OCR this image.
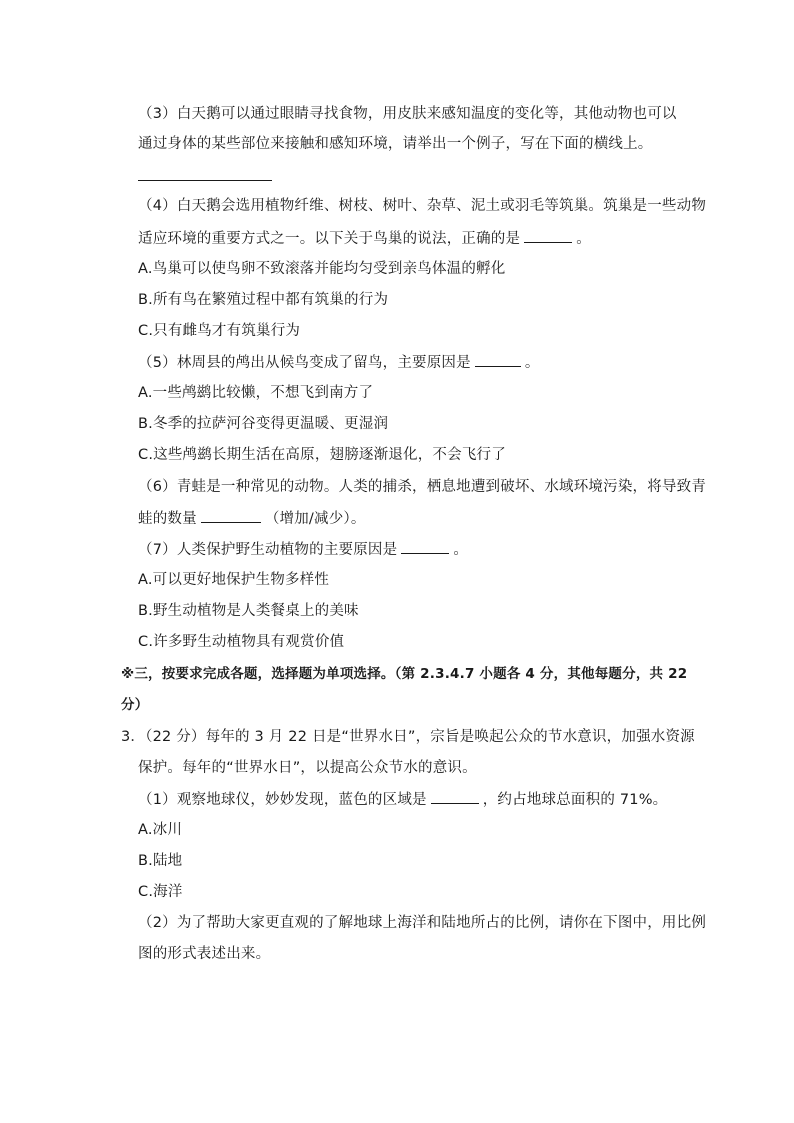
（3）白天鹅可以通过眼睛寻找食物，用皮肤来感知温度的变化等，其他动物也可以
通过身体的某些部位来接触和感知环境，请举出一个例子，写在下面的横线上。
（4）白天鹅会选用植物纤维、树枝、树叶、杂草、泥土或羽毛等筑巢。筑巢是一些动物
适应环境的重要方式之一。以下关于鸟巢的说法，正确的是	。
A.鸟巢可以使鸟卵不致滚落并能均匀受到亲鸟体温的孵化
B.所有鸟在繁殖过程中都有筑巢的行为
C.只有雌鸟才有筑巢行为
（5）林周县的鸬出从候鸟变成了留鸟，主要原因是	。
A.一些鸬鹚比较懒，不想飞到南方了
B.冬季的拉萨河谷变得更温暖、更湿润
C.这些鸬鹚长期生活在高原，翅膀逐渐退化，不会飞行了
（6）青蛙是一种常见的动物。人类的捕杀，栖息地遭到破坏、水域环境污染，将导致青
蛙的数量	（增加/减少）。
（7）人类保护野生动植物的主要原因是	。
A.可以更好地保护生物多样性
B.野生动植物是人类餐桌上的美味
C.许多野生动植物具有观赏价值
※三，按要求完成各题，选择题为单项选择。（第 2.3.4.7 小题各 4 分，其他每题分，共 22
分）
3．（22 分）每年的 3 月 22 日是“世界水日”，宗旨是唤起公众的节水意识，加强水资源
保护。每年的“世界水日”，以提高公众节水的意识。
（1）观察地球仪，妙妙发现，蓝色的区域是	，约占地球总面积的 71%。
A.冰川
B.陆地
C.海洋
（2）为了帮助大家更直观的了解地球上海洋和陆地所占的比例，请你在下图中，用比例
图的形式表述出来。
